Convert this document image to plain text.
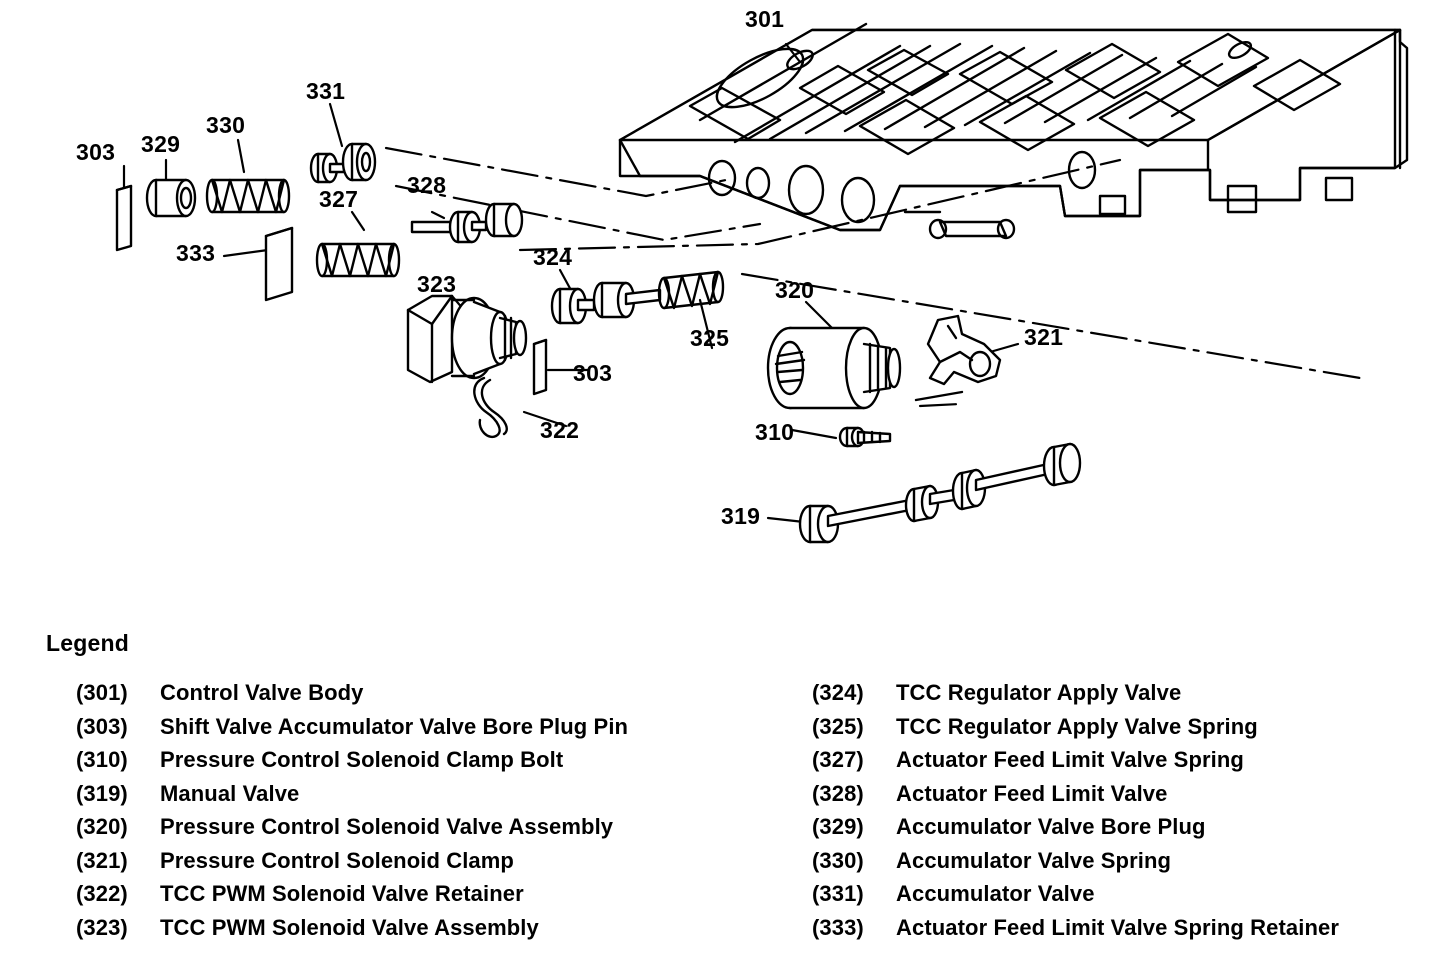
301
331
330
329
303
327
328
333	324
323	320
321
325
303
322	310
319
Legend
(301)	Control Valve Body
(303)	Shift Valve Accumulator Valve Bore Plug Pin
(310)	Pressure Control Solenoid Clamp Bolt
(319)	Manual Valve
(320)	Pressure Control Solenoid Valve Assembly
(321)	Pressure Control Solenoid Clamp
(322)	TCC PWM Solenoid Valve Retainer
(323)	TCC PWM Solenoid Valve Assembly
(324)	TCC Regulator Apply Valve
(325)	TCC Regulator Apply Valve Spring
(327)	Actuator Feed Limit Valve Spring
(328)	Actuator Feed Limit Valve
(329)	Accumulator Valve Bore Plug
(330)	Accumulator Valve Spring
(331)	Accumulator Valve
(333)	Actuator Feed Limit Valve Spring Retainer
